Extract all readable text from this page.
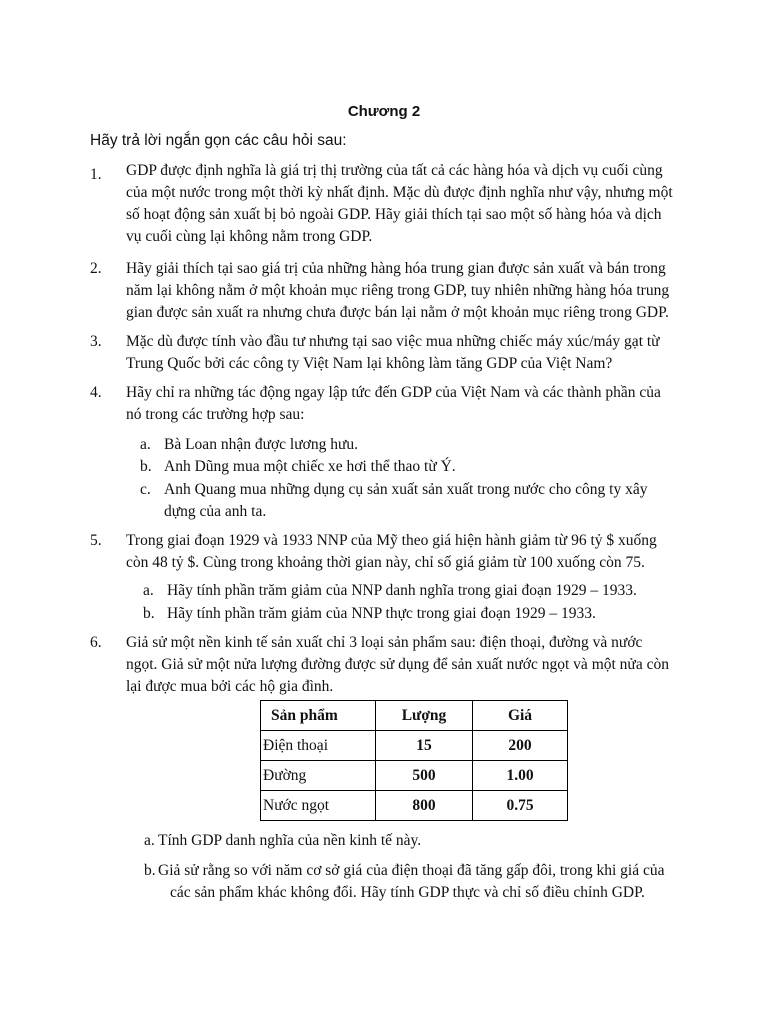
Chương 2
Hãy trả lời ngắn gọn các câu hỏi sau:
1.	GDP được định nghĩa là giá trị thị trường của tất cả các hàng hóa và dịch vụ cuối cùng
của một nước trong một thời kỳ nhất định. Mặc dù được định nghĩa như vậy, nhưng một
số hoạt động sản xuất bị bỏ ngoài GDP. Hãy giải thích tại sao một số hàng hóa và dịch
vụ cuối cùng lại không nằm trong GDP.
2.	Hãy giải thích tại sao giá trị của những hàng hóa trung gian được sản xuất và bán trong
năm lại không nằm ở một khoản mục riêng trong GDP, tuy nhiên những hàng hóa trung
gian được sản xuất ra nhưng chưa được bán lại nằm ở một khoản mục riêng trong GDP.
3.	Mặc dù được tính vào đầu tư nhưng tại sao việc mua những chiếc máy xúc/máy gạt từ
Trung Quốc bởi các công ty Việt Nam lại không làm tăng GDP của Việt Nam?
4.	Hãy chỉ ra những tác động ngay lập tức đến GDP của Việt Nam và các thành phần của
nó trong các trường hợp sau:
a. Bà Loan nhận được lương hưu.
b. Anh Dũng mua một chiếc xe hơi thể thao từ Ý.
c. Anh Quang mua những dụng cụ sản xuất sản xuất trong nước cho công ty xây
dựng của anh ta.
5.	Trong giai đoạn 1929 và 1933 NNP của Mỹ theo giá hiện hành giảm từ 96 tỷ $ xuống
còn 48 tỷ $. Cùng trong khoảng thời gian này, chỉ số giá giảm từ 100 xuống còn 75.
a. Hãy tính phần trăm giảm của NNP danh nghĩa trong giai đoạn 1929 – 1933.
b. Hãy tính phần trăm giảm của NNP thực trong giai đoạn 1929 – 1933.
6.	Giả sử một nền kinh tế sản xuất chỉ 3 loại sản phẩm sau: điện thoại, đường và nước
ngọt. Giả sử một nửa lượng đường được sử dụng để sản xuất nước ngọt và một nửa còn
lại được mua bởi các hộ gia đình.
Sản phẩm	Lượng	Giá
Điện thoại	15	200
Đường	500	1.00
Nước ngọt	800	0.75
a. Tính GDP danh nghĩa của nền kinh tế này.
b. Giả sử rằng so với năm cơ sở giá của điện thoại đã tăng gấp đôi, trong khi giá của
các sản phẩm khác không đổi. Hãy tính GDP thực và chỉ số điều chỉnh GDP.
